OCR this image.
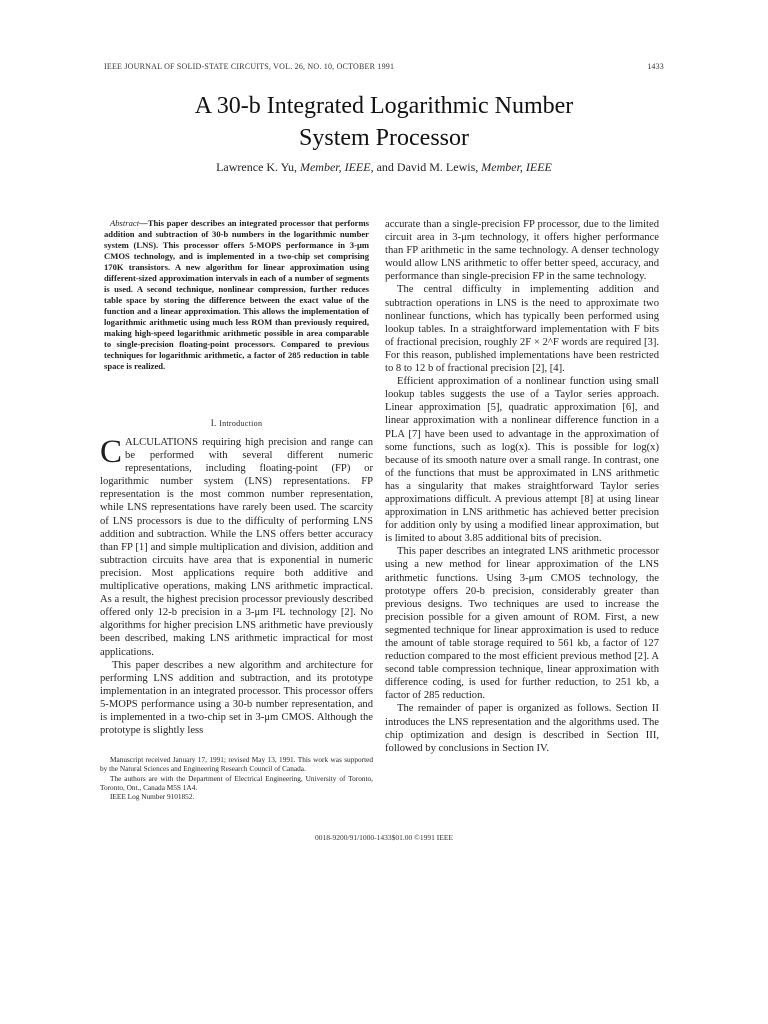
IEEE JOURNAL OF SOLID-STATE CIRCUITS, VOL. 26, NO. 10, OCTOBER 1991	1433
A 30-b Integrated Logarithmic Number
System Processor
Lawrence K. Yu, Member, IEEE, and David M. Lewis, Member, IEEE

Abstract—This paper describes an integrated processor that performs addition and subtraction of 30-b numbers in the logarithmic number system (LNS). This processor offers 5-MOPS performance in 3-μm CMOS technology, and is implemented in a two-chip set comprising 170K transistors. A new algorithm for linear approximation using different-sized approximation intervals in each of a number of segments is used. A second technique, nonlinear compression, further reduces table space by storing the difference between the exact value of the function and a linear approximation. This allows the implementation of logarithmic arithmetic using much less ROM than previously required, making high-speed logarithmic arithmetic possible in area comparable to single-precision floating-point processors. Compared to previous techniques for logarithmic arithmetic, a factor of 285 reduction in table space is realized.

I. Introduction

CALCULATIONS requiring high precision and range can be performed with several different numeric representations, including floating-point (FP) or logarithmic number system (LNS) representations. FP representation is the most common number representation, while LNS representations have rarely been used. The scarcity of LNS processors is due to the difficulty of performing LNS addition and subtraction. While the LNS offers better accuracy than FP [1] and simple multiplication and division, addition and subtraction circuits have area that is exponential in numeric precision. Most applications require both additive and multiplicative operations, making LNS arithmetic impractical. As a result, the highest precision processor previously described offered only 12-b precision in a 3-μm I²L technology [2]. No algorithms for higher precision LNS arithmetic have previously been described, making LNS arithmetic impractical for most applications.

This paper describes a new algorithm and architecture for performing LNS addition and subtraction, and its prototype implementation in an integrated processor. This processor offers 5-MOPS performance using a 30-b number representation, and is implemented in a two-chip set in 3-μm CMOS. Although the prototype is slightly less

Manuscript received January 17, 1991; revised May 13, 1991. This work was supported by the Natural Sciences and Engineering Research Council of Canada.

The authors are with the Department of Electrical Engineering, University of Toronto, Toronto, Ont., Canada M5S 1A4.

IEEE Log Number 9101852.

accurate than a single-precision FP processor, due to the limited circuit area in 3-μm technology, it offers higher performance than FP arithmetic in the same technology. A denser technology would allow LNS arithmetic to offer better speed, accuracy, and performance than single-precision FP in the same technology.

The central difficulty in implementing addition and subtraction operations in LNS is the need to approximate two nonlinear functions, which has typically been performed using lookup tables. In a straightforward implementation with F bits of fractional precision, roughly 2F × 2^F words are required [3]. For this reason, published implementations have been restricted to 8 to 12 b of fractional precision [2], [4].

Efficient approximation of a nonlinear function using small lookup tables suggests the use of a Taylor series approach. Linear approximation [5], quadratic approximation [6], and linear approximation with a nonlinear difference function in a PLA [7] have been used to advantage in the approximation of some functions, such as log(x). This is possible for log(x) because of its smooth nature over a small range. In contrast, one of the functions that must be approximated in LNS arithmetic has a singularity that makes straightforward Taylor series approximations difficult. A previous attempt [8] at using linear approximation in LNS arithmetic has achieved better precision for addition only by using a modified linear approximation, but is limited to about 3.85 additional bits of precision.

This paper describes an integrated LNS arithmetic processor using a new method for linear approximation of the LNS arithmetic functions. Using 3-μm CMOS technology, the prototype offers 20-b precision, considerably greater than previous designs. Two techniques are used to increase the precision possible for a given amount of ROM. First, a new segmented technique for linear approximation is used to reduce the amount of table storage required to 561 kb, a factor of 127 reduction compared to the most efficient previous method [2]. A second table compression technique, linear approximation with difference coding, is used for further reduction, to 251 kb, a factor of 285 reduction.

The remainder of paper is organized as follows. Section II introduces the LNS representation and the algorithms used. The chip optimization and design is described in Section III, followed by conclusions in Section IV.

0018-9200/91/1000-1433$01.00 ©1991 IEEE
